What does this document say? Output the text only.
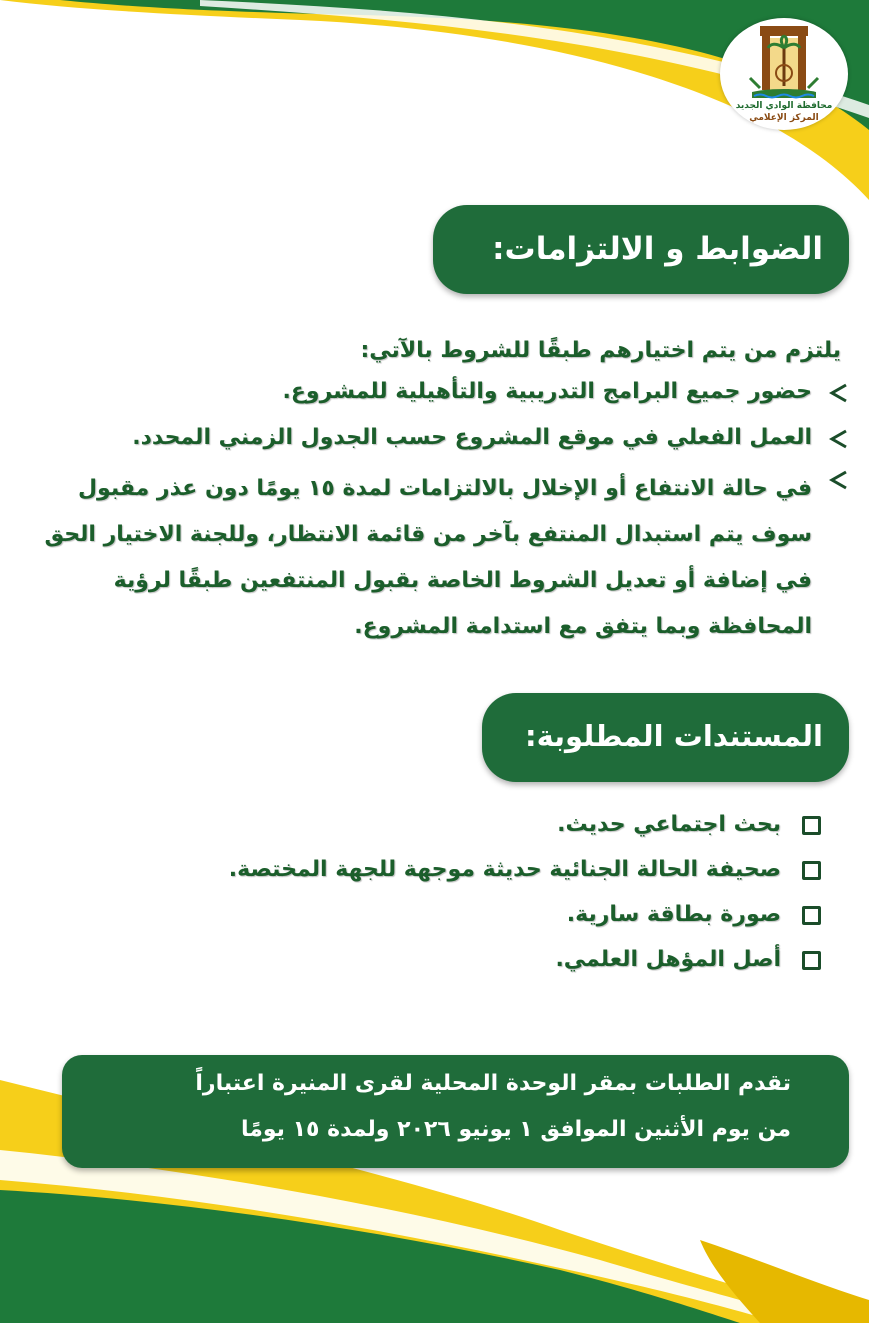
محافظة الوادي الجديد
المركز الإعلامي
الضوابط و الالتزامات:
يلتزم من يتم اختيارهم طبقًا للشروط بالآتي:
حضور جميع البرامج التدريبية والتأهيلية للمشروع.
العمل الفعلي في موقع المشروع حسب الجدول الزمني المحدد.
في حالة الانتفاع أو الإخلال بالالتزامات لمدة ١٥ يومًا دون عذر مقبول سوف يتم استبدال المنتفع بآخر من قائمة الانتظار، وللجنة الاختيار الحق في إضافة أو تعديل الشروط الخاصة بقبول المنتفعين طبقًا لرؤية المحافظة وبما يتفق مع استدامة المشروع.
المستندات المطلوبة:
بحث اجتماعي حديث.
صحيفة الحالة الجنائية حديثة موجهة للجهة المختصة.
صورة بطاقة سارية.
أصل المؤهل العلمي.
تقدم الطلبات بمقر الوحدة المحلية لقرى المنيرة اعتباراً
من يوم الأثنين الموافق ١ يونيو ٢٠٢٦ ولمدة ١٥ يومًا
